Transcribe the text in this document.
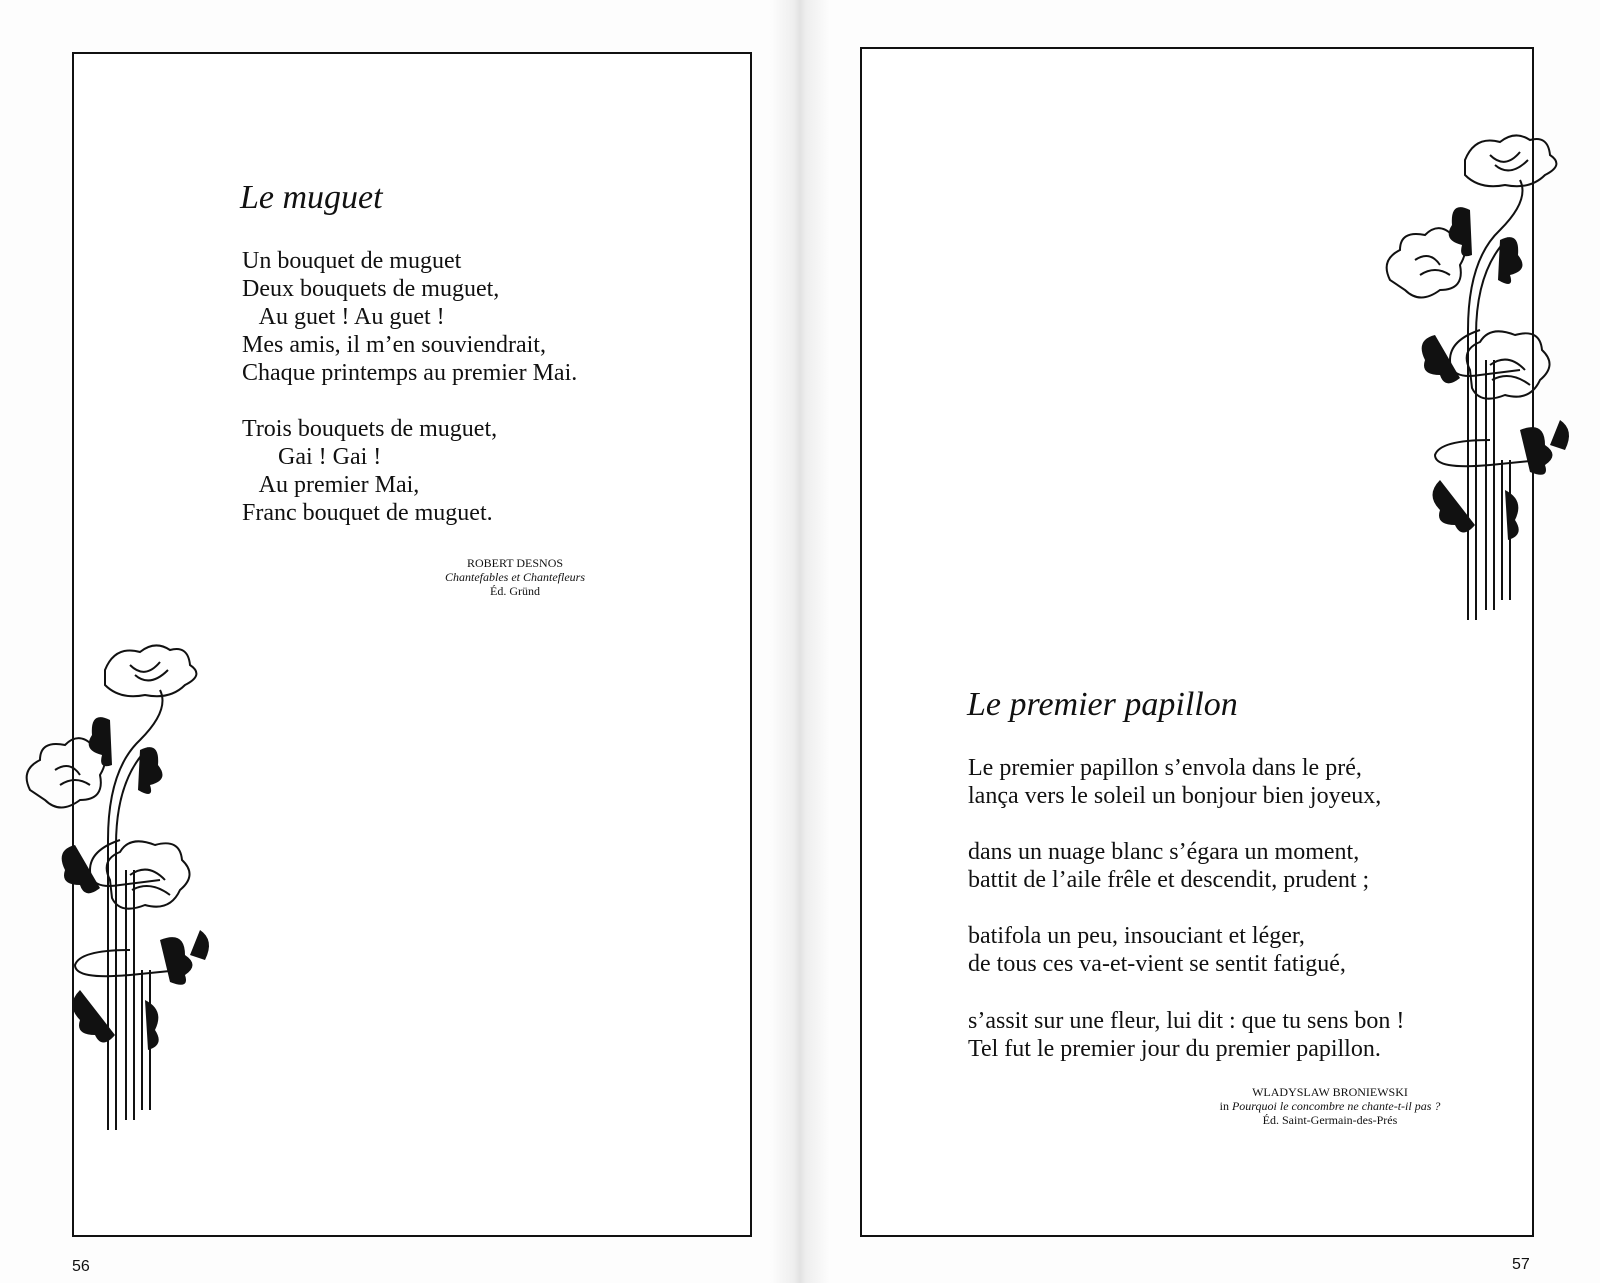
Le muguet

Un bouquet de muguet
Deux bouquets de muguet,
Au guet ! Au guet !
Mes amis, il m’en souviendrait,
Chaque printemps au premier Mai.

Trois bouquets de muguet,
Gai ! Gai !
Au premier Mai,
Franc bouquet de muguet.

ROBERT DESNOS
Chantefables et Chantefleurs
Éd. Gründ
56
Le premier papillon

Le premier papillon s’envola dans le pré,
lança vers le soleil un bonjour bien joyeux,

dans un nuage blanc s’égara un moment,
battit de l’aile frêle et descendit, prudent ;

batifola un peu, insouciant et léger,
de tous ces va-et-vient se sentit fatigué,

s’assit sur une fleur, lui dit : que tu sens bon !
Tel fut le premier jour du premier papillon.

WLADYSLAW BRONIEWSKI
in Pourquoi le concombre ne chante-t-il pas ?
Éd. Saint-Germain-des-Prés
57
